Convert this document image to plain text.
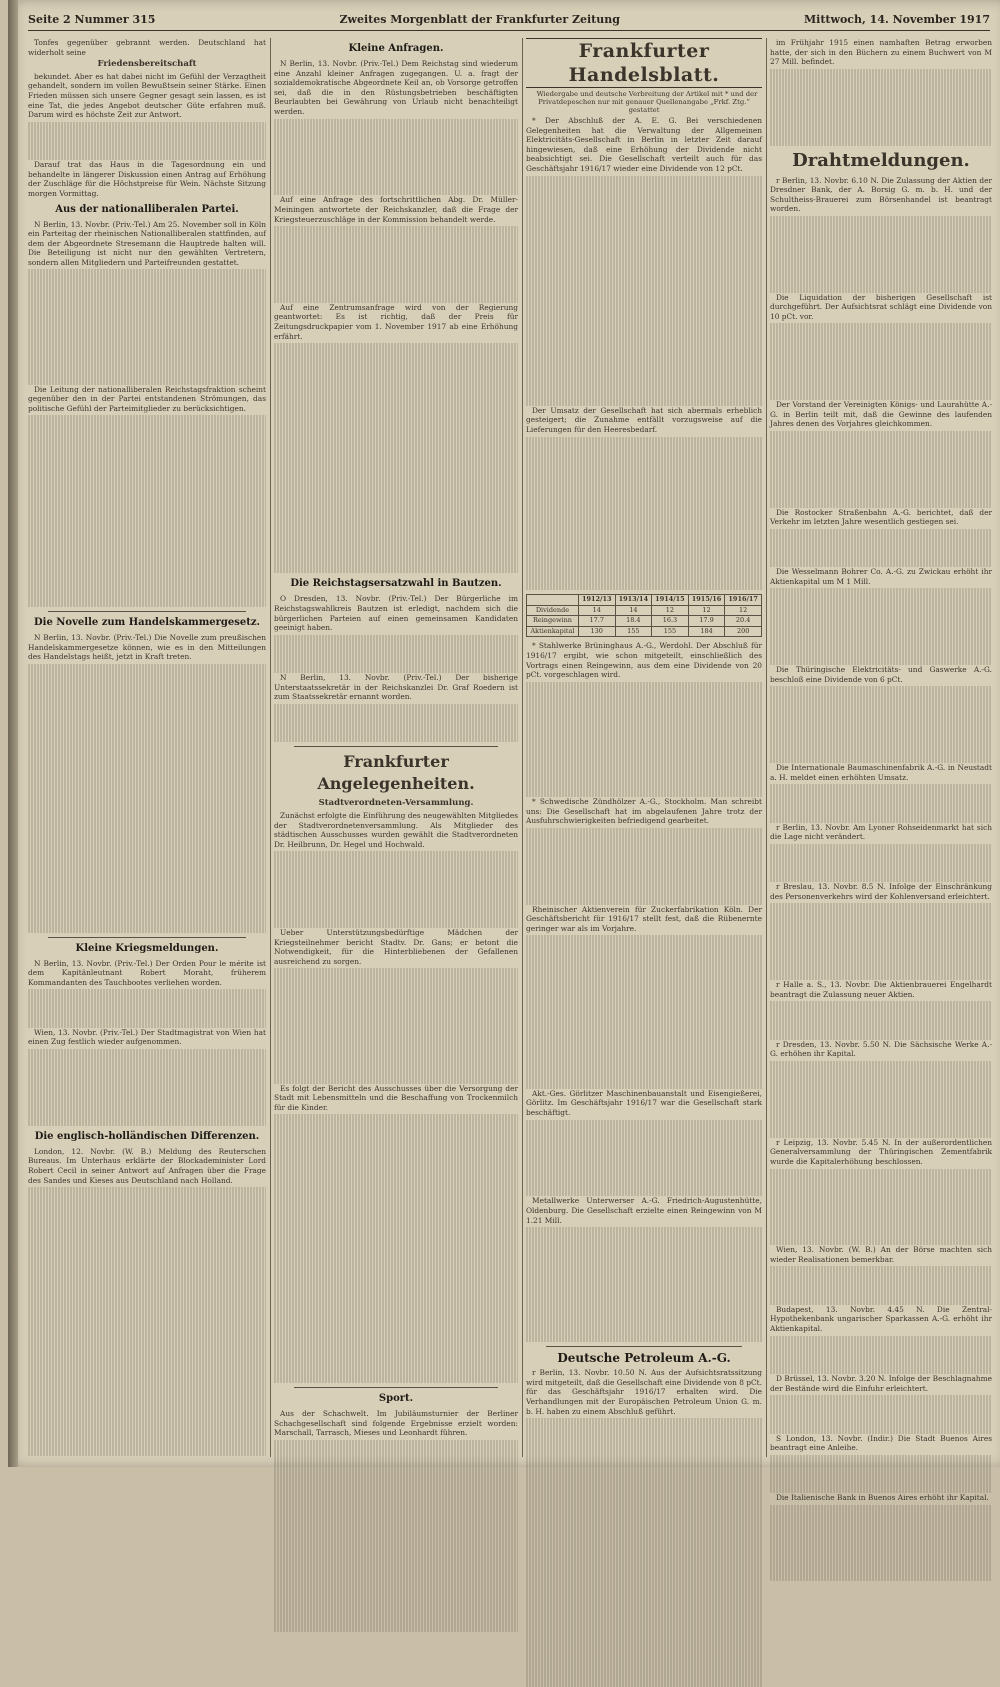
Seite 2 Nummer 315	Zweites Morgenblatt der Frankfurter Zeitung	Mittwoch, 14. November 1917

Tonfes gegenüber gebrannt werden. Deutschland hat widerholt seine

Friedensbereitschaft

bekundet. Aber es hat dabei nicht im Gefühl der Verzagtheit gehandelt, sondern im vollen Bewußtsein seiner Stärke. Einen Frieden müssen sich unsere Gegner gesagt sein lassen, es ist eine Tat, die jedes Angebot deutscher Güte erfahren muß. Darum wird es höchste Zeit zur Antwort.

Darauf trat das Haus in die Tagesordnung ein und behandelte in längerer Diskussion einen Antrag auf Erhöhung der Zuschläge für die Höchstpreise für Wein. Nächste Sitzung morgen Vormittag.

Aus der nationalliberalen Partei.

N Berlin, 13. Novbr. (Priv.-Tel.) Am 25. November soll in Köln ein Parteitag der rheinischen Nationalliberalen stattfinden, auf dem der Abgeordnete Stresemann die Hauptrede halten will. Die Beteiligung ist nicht nur den gewählten Vertretern, sondern allen Mitgliedern und Parteifreunden gestattet.

Die Leitung der nationalliberalen Reichstagsfraktion scheint gegenüber den in der Partei entstandenen Strömungen, das politische Gefühl der Parteimitglieder zu berücksichtigen.

Die Novelle zum Handelskammergesetz.

N Berlin, 13. Novbr. (Priv.-Tel.) Die Novelle zum preußischen Handelskammergesetze können, wie es in den Mitteilungen des Handelstags heißt, jetzt in Kraft treten.

Kleine Kriegsmeldungen.

N Berlin, 13. Novbr. (Priv.-Tel.) Der Orden Pour le mérite ist dem Kapitänleutnant Robert Moraht, früherem Kommandanten des Tauchbootes verliehen worden.

Wien, 13. Novbr. (Priv.-Tel.) Der Stadtmagistrat von Wien hat einen Zug festlich wieder aufgenommen.

Die englisch-holländischen Differenzen.

London, 12. Novbr. (W. B.) Meldung des Reuterschen Bureaus. Im Unterhaus erklärte der Blockademinister Lord Robert Cecil in seiner Antwort auf Anfragen über die Frage des Sandes und Kieses aus Deutschland nach Holland.

Kleine Anfragen.

N Berlin, 13. Novbr. (Priv.-Tel.) Dem Reichstag sind wiederum eine Anzahl kleiner Anfragen zugegangen. U. a. fragt der sozialdemokratische Abgeordnete Keil an, ob Vorsorge getroffen sei, daß die in den Rüstungsbetrieben beschäftigten Beurlaubten bei Gewährung von Urlaub nicht benachteiligt werden.

Auf eine Anfrage des fortschrittlichen Abg. Dr. Müller-Meiningen antwortete der Reichskanzler, daß die Frage der Kriegsteuerzuschläge in der Kommission behandelt werde.

Auf eine Zentrumsanfrage wird von der Regierung geantwortet: Es ist richtig, daß der Preis für Zeitungsdruckpapier vom 1. November 1917 ab eine Erhöhung erfährt.

Die Reichstagsersatzwahl in Bautzen.

O Dresden, 13. Novbr. (Priv.-Tel.) Der Bürgerliche im Reichstagswahlkreis Bautzen ist erledigt, nachdem sich die bürgerlichen Parteien auf einen gemeinsamen Kandidaten geeinigt haben.

N Berlin, 13. Novbr. (Priv.-Tel.) Der bisherige Unterstaatssekretär in der Reichskanzlei Dr. Graf Roedern ist zum Staatssekretär ernannt worden.

Frankfurter Angelegenheiten.
Stadtverordneten-Versammlung.

Zunächst erfolgte die Einführung des neugewählten Mitgliedes der Stadtverordnetenversammlung. Als Mitglieder des städtischen Ausschusses wurden gewählt die Stadtverordneten Dr. Heilbrunn, Dr. Hegel und Hochwald.

Ueber Unterstützungsbedürftige Mädchen der Kriegsteilnehmer bericht Stadtv. Dr. Gans; er betont die Notwendigkeit, für die Hinterbliebenen der Gefallenen ausreichend zu sorgen.

Es folgt der Bericht des Ausschusses über die Versorgung der Stadt mit Lebensmitteln und die Beschaffung von Trockenmilch für die Kinder.

Sport.

Aus der Schachwelt. Im Jubiläumsturnier der Berliner Schachgesellschaft sind folgende Ergebnisse erzielt worden: Marschall, Tarrasch, Mieses und Leonhardt führen.

Frankfurter Handelsblatt.

Wiedergabe und deutsche Verbreitung der Artikel mit * und der Privatdepeschen nur mit genauer Quellenangabe „Frkf. Ztg.“ gestattet

* Der Abschluß der A. E. G. Bei verschiedenen Gelegenheiten hat die Verwaltung der Allgemeinen Elektricitäts-Gesellschaft in Berlin in letzter Zeit darauf hingewiesen, daß eine Erhöhung der Dividende nicht beabsichtigt sei. Die Gesellschaft verteilt auch für das Geschäftsjahr 1916/17 wieder eine Dividende von 12 pCt.

Der Umsatz der Gesellschaft hat sich abermals erheblich gesteigert; die Zunahme entfällt vorzugsweise auf die Lieferungen für den Heeresbedarf.

	1912/13	1913/14	1914/15	1915/16	1916/17
Dividende	14	14	12	12	12
Reingewinn	17.7	18.4	16.3	17.9	20.4
Aktienkapital	130	155	155	184	200

* Stahlwerke Brüninghaus A.-G., Werdohl. Der Abschluß für 1916/17 ergibt, wie schon mitgeteilt, einschließlich des Vortrags einen Reingewinn, aus dem eine Dividende von 20 pCt. vorgeschlagen wird.

* Schwedische Zündhölzer A.-G., Stockholm. Man schreibt uns: Die Gesellschaft hat im abgelaufenen Jahre trotz der Ausfuhrschwierigkeiten befriedigend gearbeitet.

Rheinischer Aktienverein für Zuckerfabrikation Köln. Der Geschäftsbericht für 1916/17 stellt fest, daß die Rübenernte geringer war als im Vorjahre.

Akt.-Ges. Görlitzer Maschinenbauanstalt und Eisengießerei, Görlitz. Im Geschäftsjahr 1916/17 war die Gesellschaft stark beschäftigt.

Metallwerke Unterwerser A.-G. Friedrich-Augustenhütte, Oldenburg. Die Gesellschaft erzielte einen Reingewinn von M 1.21 Mill.

Deutsche Petroleum A.-G.

r Berlin, 13. Novbr. 10.50 N. Aus der Aufsichtsratssitzung wird mitgeteilt, daß die Gesellschaft eine Dividende von 8 pCt. für das Geschäftsjahr 1916/17 erhalten wird. Die Verhandlungen mit der Europäischen Petroleum Union G. m. b. H. haben zu einem Abschluß geführt.

im Frühjahr 1915 einen namhaften Betrag erworben hatte, der sich in den Büchern zu einem Buchwert von M 27 Mill. befindet.

Drahtmeldungen.

r Berlin, 13. Novbr. 6.10 N. Die Zulassung der Aktien der Dresdner Bank, der A. Borsig G. m. b. H. und der Schultheiss-Brauerei zum Börsenhandel ist beantragt worden.

Die Liquidation der bisherigen Gesellschaft ist durchgeführt. Der Aufsichtsrat schlägt eine Dividende von 10 pCt. vor.

Der Vorstand der Vereinigten Königs- und Laurahütte A.-G. in Berlin teilt mit, daß die Gewinne des laufenden Jahres denen des Vorjahres gleichkommen.

Die Rostocker Straßenbahn A.-G. berichtet, daß der Verkehr im letzten Jahre wesentlich gestiegen sei.

Die Wesselmann Bohrer Co. A.-G. zu Zwickau erhöht ihr Aktienkapital um M 1 Mill.

Die Thüringische Elektricitäts- und Gaswerke A.-G. beschloß eine Dividende von 6 pCt.

Die Internationale Baumaschinenfabrik A.-G. in Neustadt a. H. meldet einen erhöhten Umsatz.

r Berlin, 13. Novbr. Am Lyoner Rohseidenmarkt hat sich die Lage nicht verändert.

r Breslau, 13. Novbr. 8.5 N. Infolge der Einschränkung des Personenverkehrs wird der Kohlenversand erleichtert.

r Halle a. S., 13. Novbr. Die Aktienbrauerei Engelhardt beantragt die Zulassung neuer Aktien.

r Dresden, 13. Novbr. 5.50 N. Die Sächsische Werke A.-G. erhöhen ihr Kapital.

r Leipzig, 13. Novbr. 5.45 N. In der außerordentlichen Generalversammlung der Thüringischen Zementfabrik wurde die Kapitalerhöhung beschlossen.

Wien, 13. Novbr. (W. B.) An der Börse machten sich wieder Realisationen bemerkbar.

Budapest, 13. Novbr. 4.45 N. Die Zentral-Hypothekenbank ungarischer Sparkassen A.-G. erhöht ihr Aktienkapital.

D Brüssel, 13. Novbr. 3.20 N. Infolge der Beschlagnahme der Bestände wird die Einfuhr erleichtert.

S London, 13. Novbr. (Indir.) Die Stadt Buenos Aires beantragt eine Anleihe.

Die Italienische Bank in Buenos Aires erhöht ihr Kapital.
